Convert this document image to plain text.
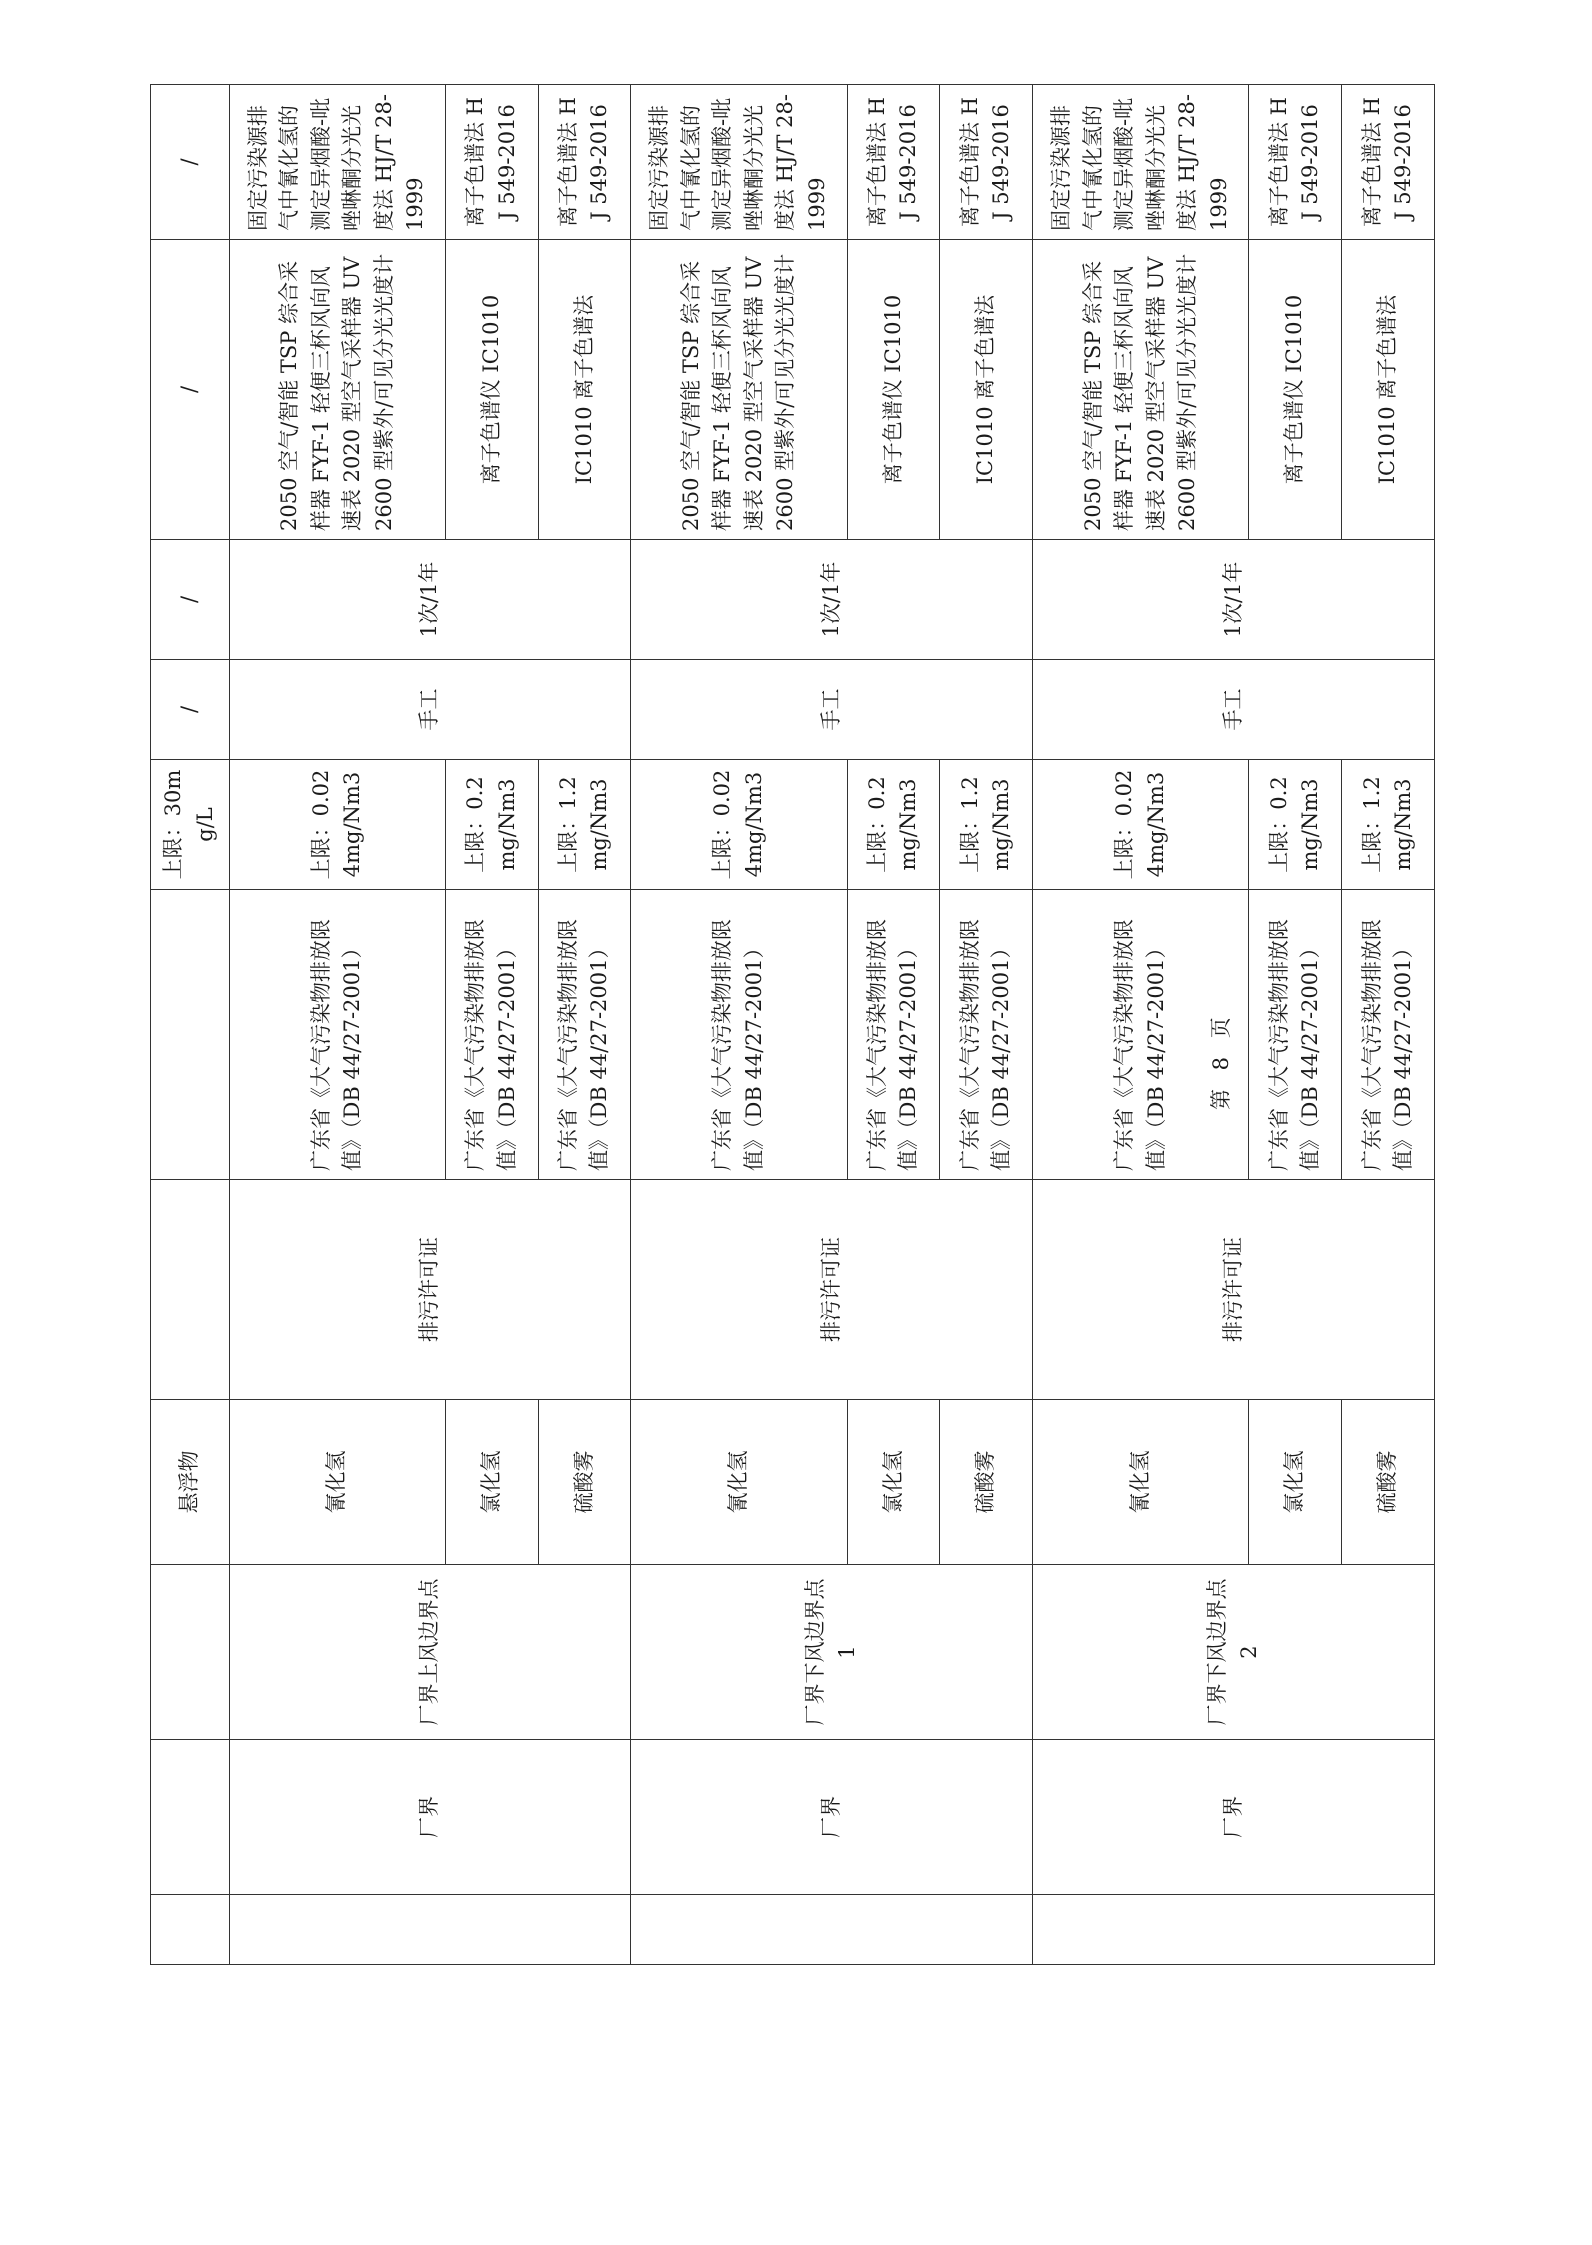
			悬浮物			上限：30mg/L	/	/	/	/
	厂界	厂界上风边界点	氰化氢	排污许可证	广东省《大气污染物排放限值》（DB 44/27-2001）	上限：0.024mg/Nm3	手工	1次/1年	2050 空气/智能 TSP 综合采样器 FYF-1 轻便三杯风向风速表 2020 型空气采样器 UV2600 型紫外/可见分光光度计	固定污染源排气中氰化氢的测定异烟酸-吡唑啉酮分光光度法 HJ/T 28- 1999
			氯化氢		广东省《大气污染物排放限值》（DB 44/27-2001）	上限：0.2mg/Nm3			离子色谱仪 IC1010	离子色谱法 HJ 549-2016
			硫酸雾		广东省《大气污染物排放限值》（DB 44/27-2001）	上限：1.2mg/Nm3			IC1010 离子色谱法	离子色谱法 HJ 549-2016
	厂界	厂界下风边界点 1	氰化氢	排污许可证	广东省《大气污染物排放限值》（DB 44/27-2001）	上限：0.024mg/Nm3	手工	1次/1年	2050 空气/智能 TSP 综合采样器 FYF-1 轻便三杯风向风速表 2020 型空气采样器 UV2600 型紫外/可见分光光度计	固定污染源排气中氰化氢的测定异烟酸-吡唑啉酮分光光度法 HJ/T 28- 1999
			氯化氢		广东省《大气污染物排放限值》（DB 44/27-2001）	上限：0.2mg/Nm3			离子色谱仪 IC1010	离子色谱法 HJ 549-2016
			硫酸雾		广东省《大气污染物排放限值》（DB 44/27-2001）	上限：1.2mg/Nm3			IC1010 离子色谱法	离子色谱法 HJ 549-2016
	厂界	厂界下风边界点 2	氰化氢	排污许可证	广东省《大气污染物排放限值》（DB 44/27-2001）	上限：0.024mg/Nm3	手工	1次/1年	2050 空气/智能 TSP 综合采样器 FYF-1 轻便三杯风向风速表 2020 型空气采样器 UV2600 型紫外/可见分光光度计	固定污染源排气中氰化氢的测定异烟酸-吡唑啉酮分光光度法 HJ/T 28- 1999
			氯化氢		广东省《大气污染物排放限值》（DB 44/27-2001）	上限：0.2mg/Nm3			离子色谱仪 IC1010	离子色谱法 HJ 549-2016
			硫酸雾		广东省《大气污染物排放限值》（DB 44/27-2001）	上限：1.2mg/Nm3			IC1010 离子色谱法	离子色谱法 HJ 549-2016
第 8 页
